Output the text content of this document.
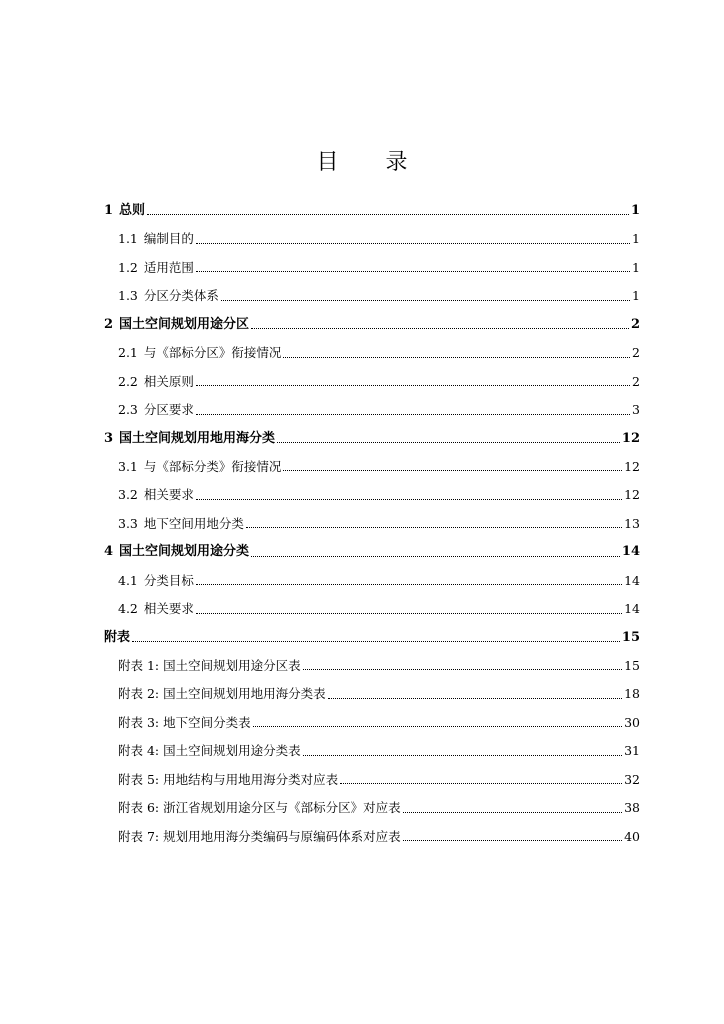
目 录
1 总则	1
1.1 编制目的	1
1.2 适用范围	1
1.3 分区分类体系	1
2 国土空间规划用途分区	2
2.1 与《部标分区》衔接情况	2
2.2 相关原则	2
2.3 分区要求	3
3 国土空间规划用地用海分类	12
3.1 与《部标分类》衔接情况	12
3.2 相关要求	12
3.3 地下空间用地分类	13
4 国土空间规划用途分类	14
4.1 分类目标	14
4.2 相关要求	14
附表	15
附表 1: 国土空间规划用途分区表	15
附表 2: 国土空间规划用地用海分类表	18
附表 3: 地下空间分类表	30
附表 4: 国土空间规划用途分类表	31
附表 5: 用地结构与用地用海分类对应表	32
附表 6: 浙江省规划用途分区与《部标分区》对应表	38
附表 7: 规划用地用海分类编码与原编码体系对应表	40
